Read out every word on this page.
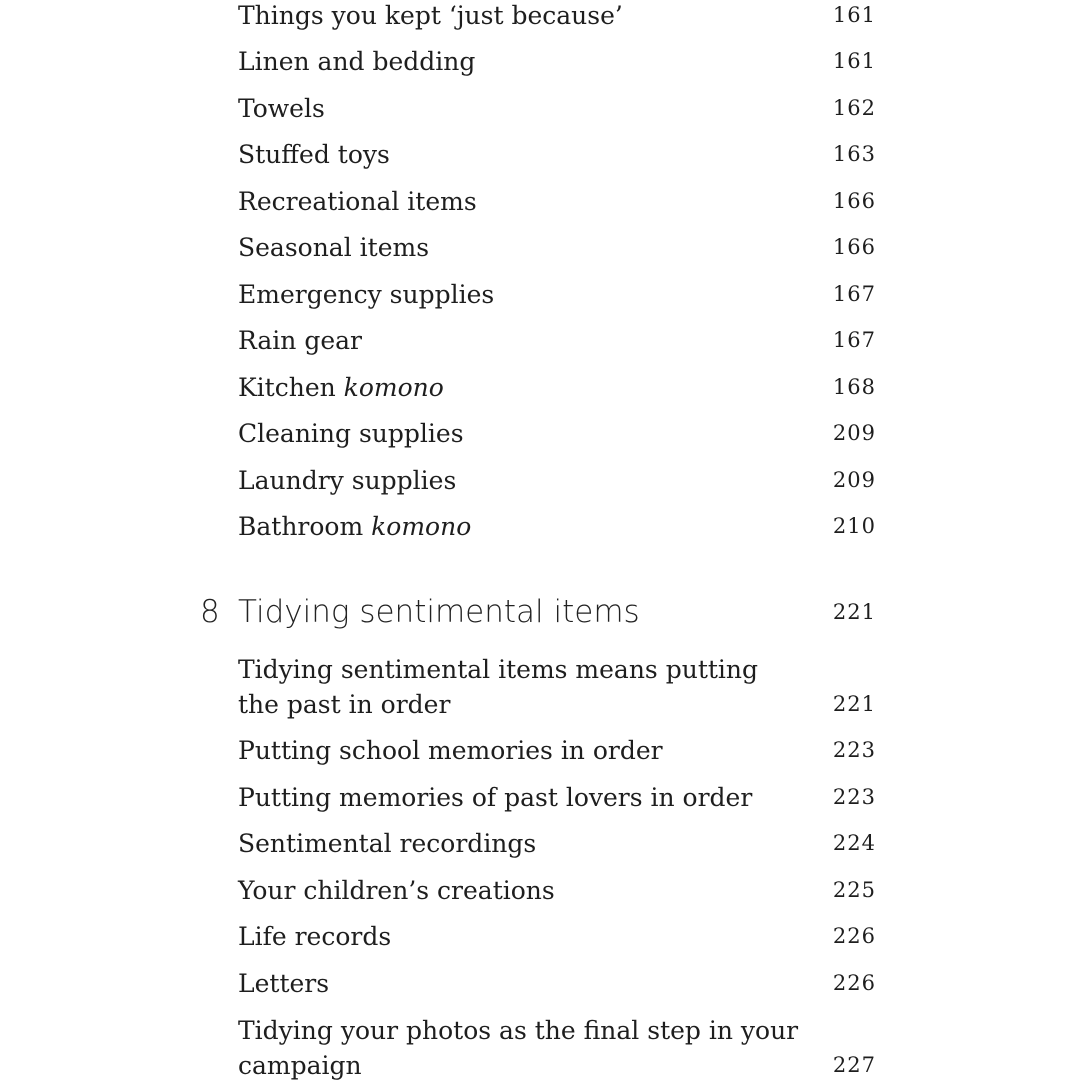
Things you kept ‘just because’	161
Linen and bedding	161
Towels	162
Stuffed toys	163
Recreational items	166
Seasonal items	166
Emergency supplies	167
Rain gear	167
Kitchen komono	168
Cleaning supplies	209
Laundry supplies	209
Bathroom komono	210
8 Tidying sentimental items	221
Tidying sentimental items means putting the past in order	221
Putting school memories in order	223
Putting memories of past lovers in order	223
Sentimental recordings	224
Your children’s creations	225
Life records	226
Letters	226
Tidying your photos as the final step in your campaign	227
